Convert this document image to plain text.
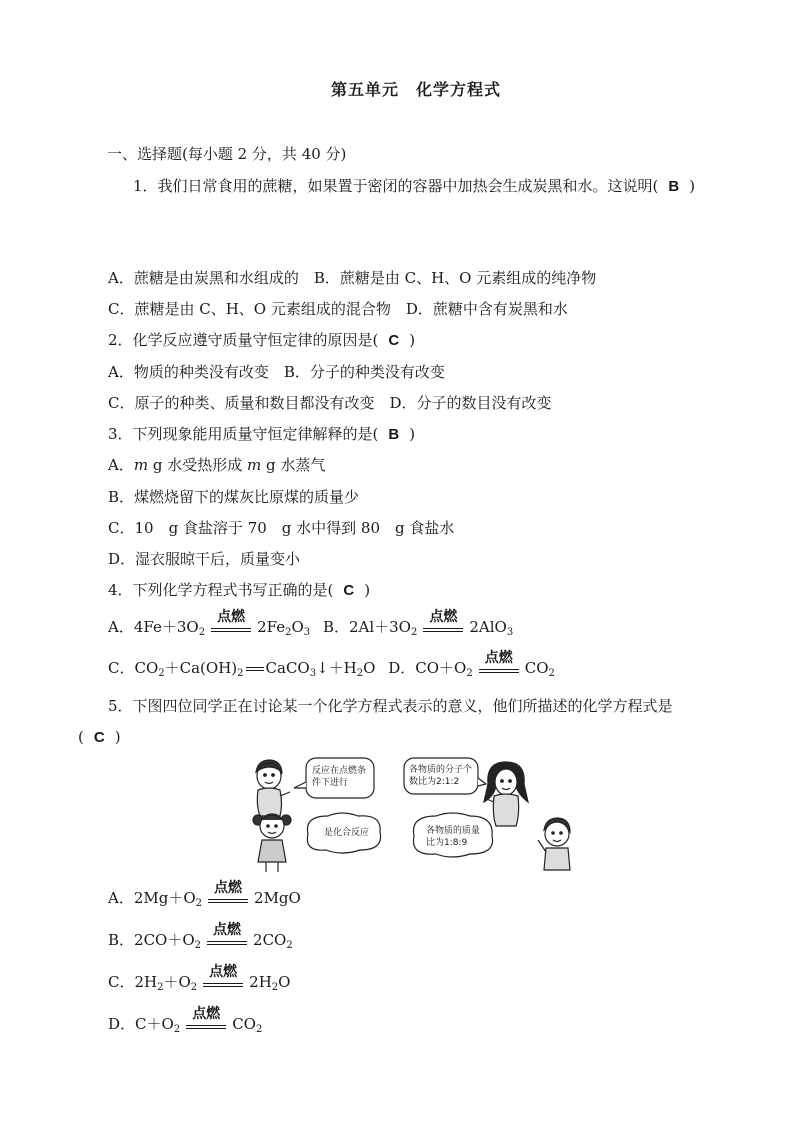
第五单元　化学方程式
一、选择题(每小题 2 分，共 40 分)
1．我们日常食用的蔗糖，如果置于密闭的容器中加热会生成炭黑和水。这说明( B )
A．蔗糖是由炭黑和水组成的　B．蔗糖是由 C、H、O 元素组成的纯净物
C．蔗糖是由 C、H、O 元素组成的混合物　D．蔗糖中含有炭黑和水
2．化学反应遵守质量守恒定律的原因是( C )
A．物质的种类没有改变　B．分子的种类没有改变
C．原子的种类、质量和数目都没有改变　D．分子的数目没有改变
3．下列现象能用质量守恒定律解释的是( B )
A．m g 水受热形成 m g 水蒸气
B．煤燃烧留下的煤灰比原煤的质量少
C．10　g 食盐溶于 70　g 水中得到 80　g 食盐水
D．湿衣服晾干后，质量变小
4．下列化学方程式书写正确的是( C )
A．$4Fe+3O_2$
点燃
$2Fe_2O_3$ B．$2Al+3O_2$
点燃
2AlO$_3$
C．$CO_2+Ca(OH)_2$ $CaCO_3↓+H_2O$ D．$CO+O_2$
点燃
$CO_2$
5．下图四位同学正在讨论某一个化学方程式表示的意义，他们所描述的化学方程式是
( C )
反应在点燃条件下进行
各物质的分子个数比为2:1:2
是化合反应	各物质的质量比为1:8:9
A．$2Mg+O_2$
点燃
2MgO
B．$2CO+O_2$
点燃
$2CO_2$
C．$2H_2+O_2$
点燃
$2H_2O$
D．$C+O_2$
点燃
$CO_2$
